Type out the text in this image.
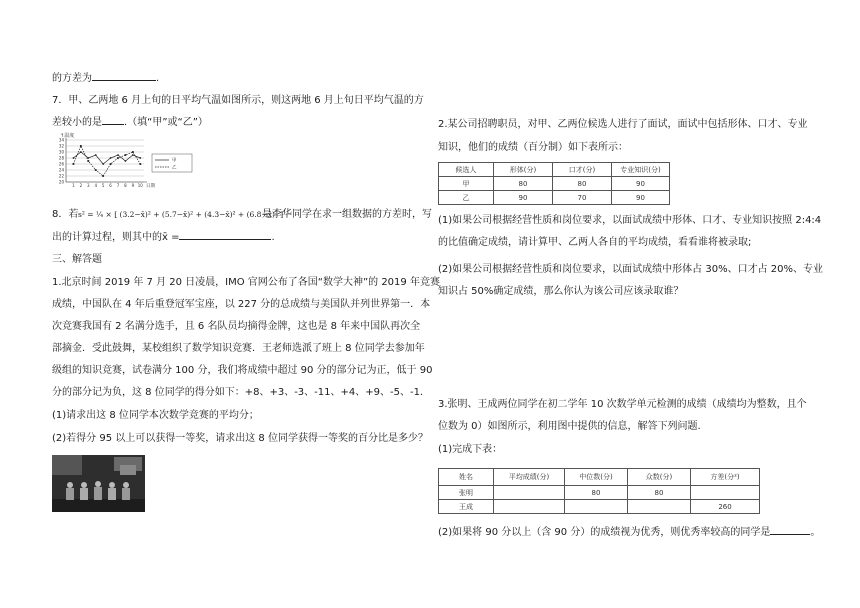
的方差为	.
7．甲、乙两地 6 月上旬的日平均气温如图所示，则这两地 6 月上旬日平均气温的方
差较小的是 .（填“甲”或“乙”）
↑温度
20
22
24
26
28
30
32
34
1 2 3 4 5 6 7 8 9 10 日期
甲
乙
8．若 s² = ¼ × [ (3.2−x̄)² + (5.7−x̄)² + (4.3−x̄)² + (6.8−x̄)² ]
是李华同学在求一组数据的方差时，写
出的计算过程，则其中的x̄ =	.
三、解答题
1.北京时间 2019 年 7 月 20 日凌晨，IMO 官网公布了各国“数学大神”的 2019 年竞赛
成绩，中国队在 4 年后重登冠军宝座，以 227 分的总成绩与美国队并列世界第一．本
次竞赛我国有 2 名满分选手，且 6 名队员均摘得金牌，这也是 8 年来中国队再次全
部摘金．受此鼓舞，某校组织了数学知识竞赛．王老师选派了班上 8 位同学去参加年
级组的知识竞赛，试卷满分 100 分，我们将成绩中超过 90 分的部分记为正，低于 90
分的部分记为负，这 8 位同学的得分如下：+8、+3、-3、-11、+4、+9、-5、-1.
(1)请求出这 8 位同学本次数学竞赛的平均分；
(2)若得分 95 以上可以获得一等奖，请求出这 8 位同学获得一等奖的百分比是多少？
2.某公司招聘职员，对甲、乙两位候选人进行了面试，面试中包括形体、口才、专业
知识，他们的成绩（百分制）如下表所示：
候选人	形体(分)	口才(分)	专业知识(分)
甲	80	80	90
乙	90	70	90
(1)如果公司根据经营性质和岗位要求，以面试成绩中形体、口才、专业知识按照 2:4:4
的比值确定成绩，请计算甲、乙两人各自的平均成绩，看看谁将被录取;
(2)如果公司根据经营性质和岗位要求，以面试成绩中形体占 30%、口才占 20%、专业
知识占 50%确定成绩，那么你认为该公司应该录取谁？
3.张明、王成两位同学在初二学年 10 次数学单元检测的成绩（成绩均为整数，且个
位数为 0）如图所示，利用图中提供的信息，解答下列问题.
(1)完成下表：
姓名	平均成绩(分)	中位数(分)	众数(分)	方差(分²)
张明		80	80	
王成				260
(2)如果将 90 分以上（含 90 分）的成绩视为优秀，则优秀率较高的同学是	。
